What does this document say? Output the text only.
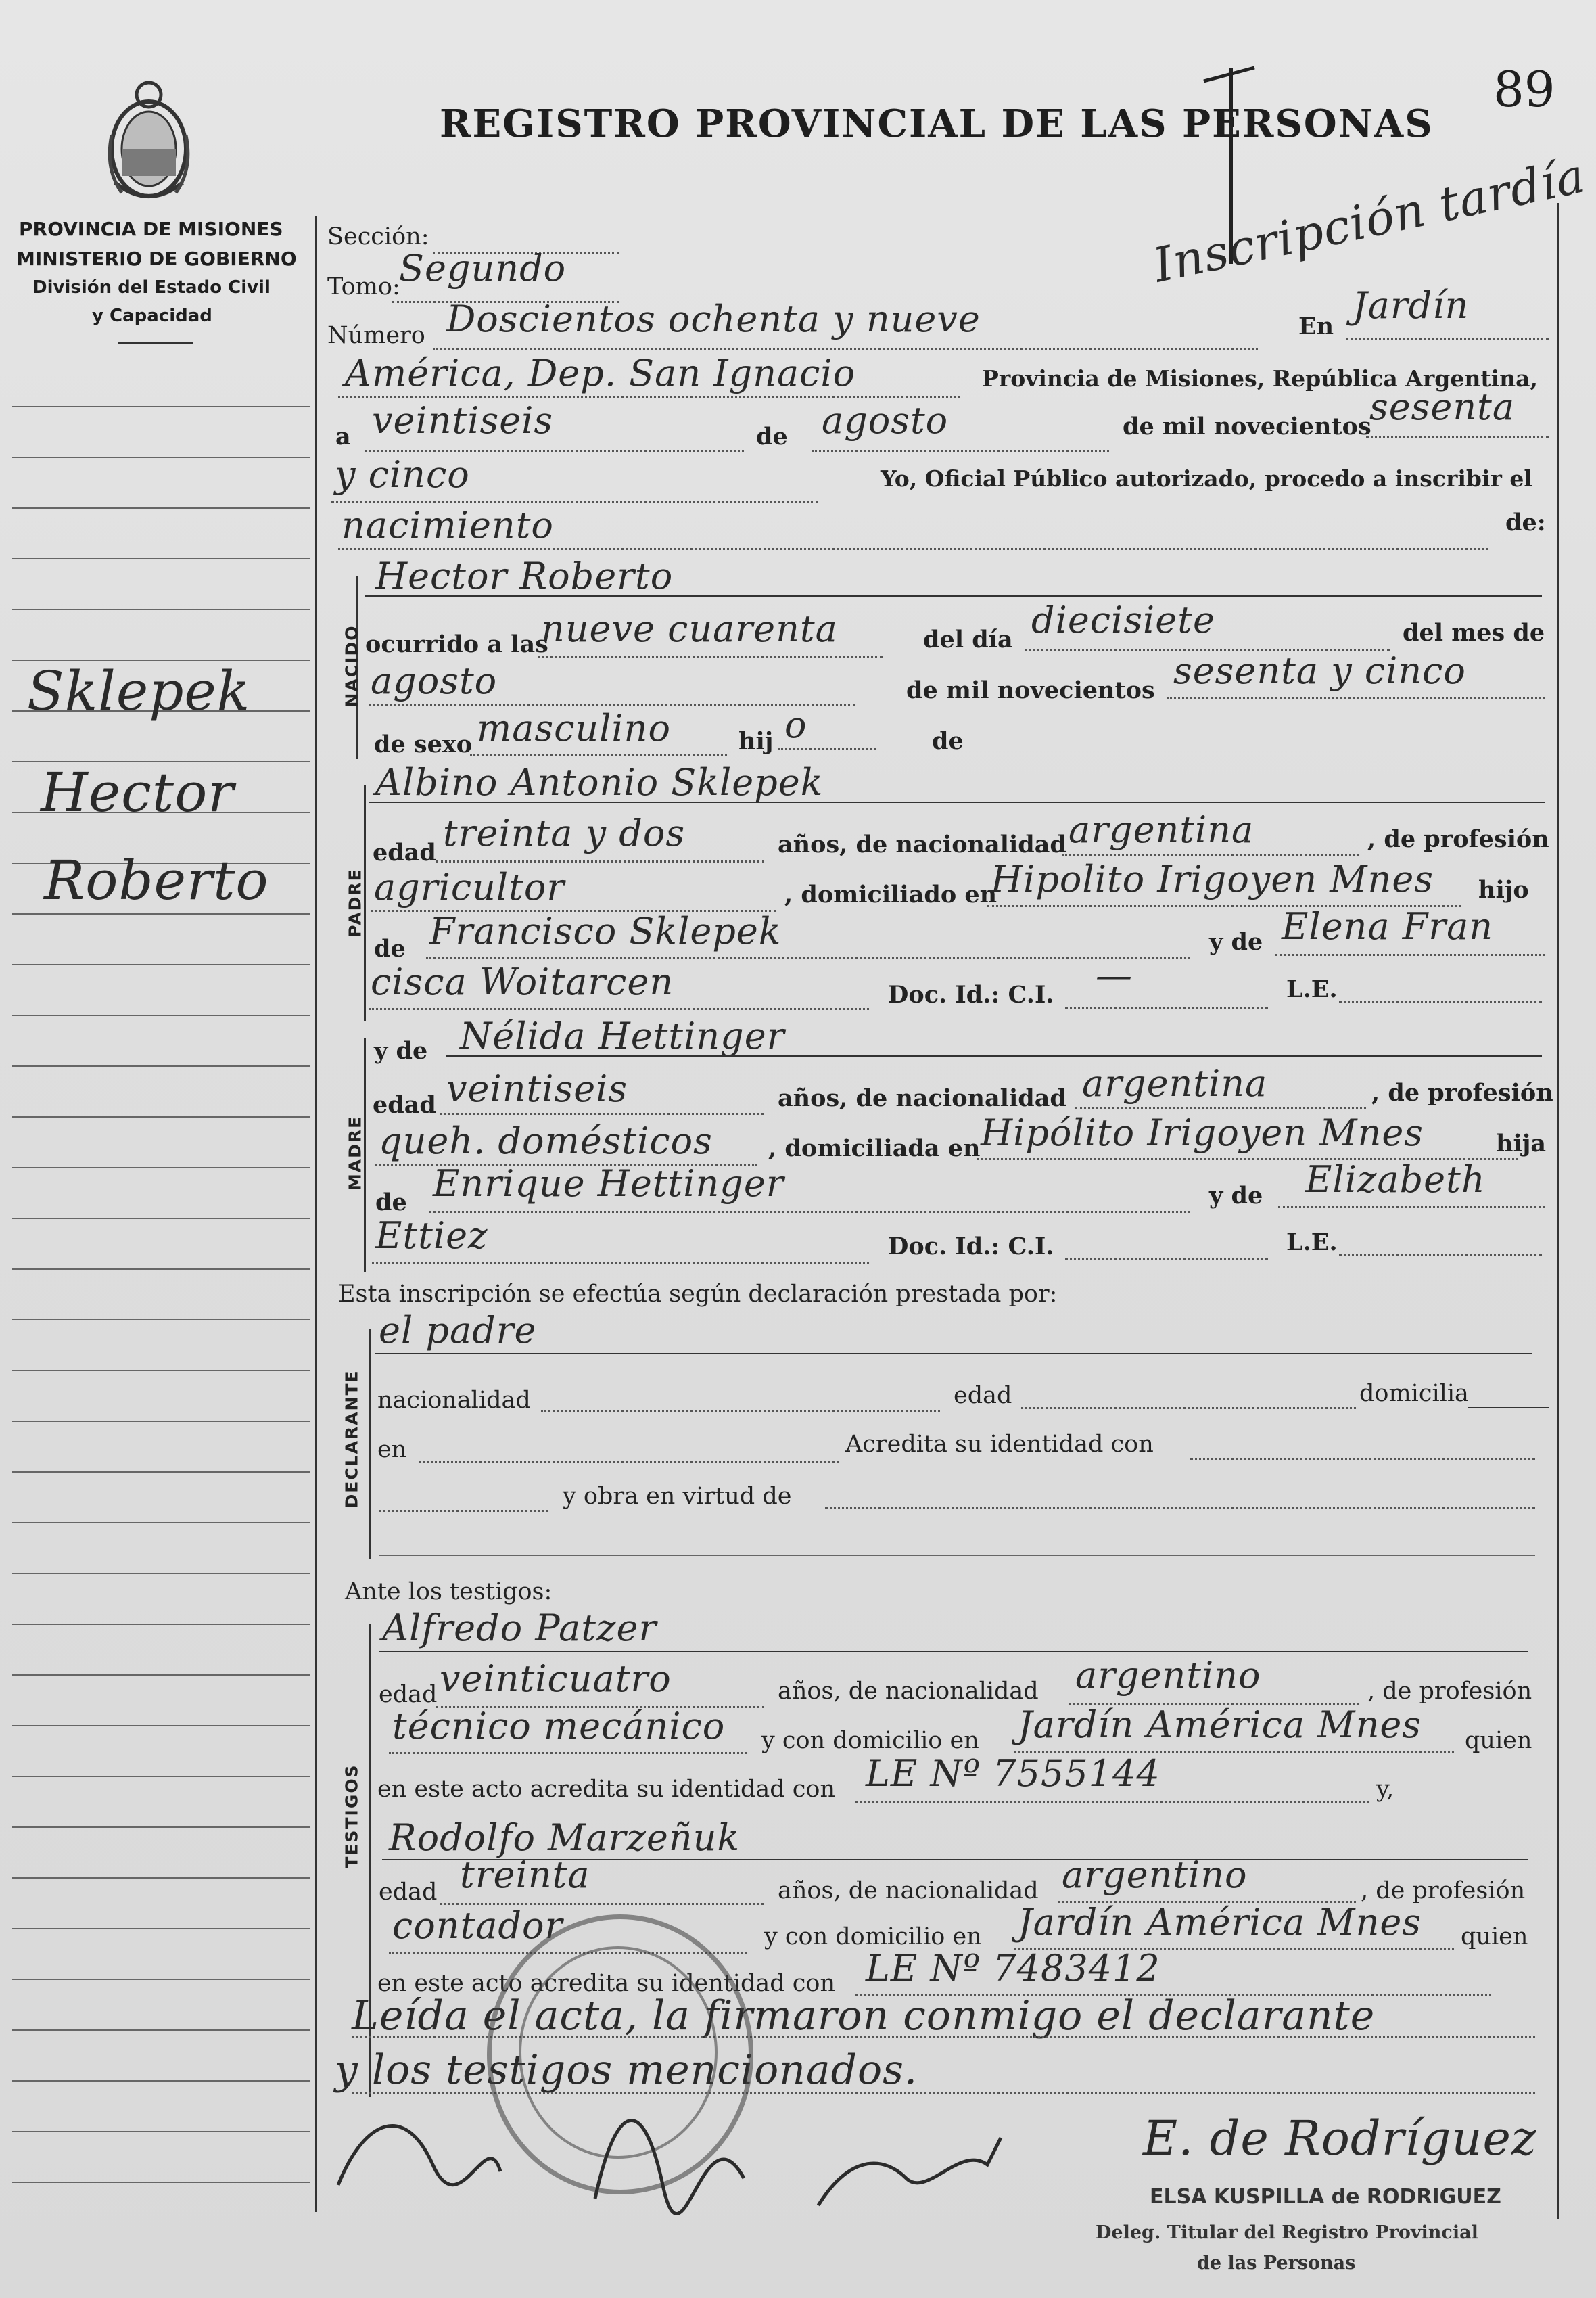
89
REGISTRO PROVINCIAL DE LAS PERSONAS
PROVINCIA DE MISIONES
MINISTERIO DE GOBIERNO
División del Estado Civil
y Capacidad
Sklepek
Hector
Roberto
Inscripción tardía
Sección:
Tomo:
Segundo
Número Doscientos ochenta y nueve	En Jardín
América, Dep. San Ignacio	Provincia de Misiones, República Argentina,
a veintiseis	de agosto	de mil novecientos
sesenta
y cinco	Yo, Oficial Público autorizado, procedo a inscribir el
nacimiento	de:
NACIDO
Hector Roberto
ocurrido a las
nueve cuarenta	del día diecisiete	del mes de
agosto	de mil novecientos sesenta y cinco
de sexo masculino	hij o	de
PADRE
Albino Antonio Sklepek
edad treinta y dos	años, de nacionalidad argentina	, de profesión
agricultor	, domiciliado en
Hipolito Irigoyen Mnes hijo
de Francisco Sklepek	y de Elena Fran
cisca Woitarcen	Doc. Id.: C.I. —	L.E.
MADRE
y de Nélida Hettinger
edad veintiseis	años, de nacionalidad argentina	, de profesión
queh. domésticos , domiciliada en Hipólito Irigoyen Mnes	hija
de Enrique Hettinger	y de Elizabeth
Ettiez	Doc. Id.: C.I.	L.E.
Esta inscripción se efectúa según declaración prestada por:
DECLARANTE
el padre
nacionalidad	edad	domicilia
en	Acredita su identidad con
y obra en virtud de
Ante los testigos:
TESTIGOS
Alfredo Patzer
edad veinticuatro	años, de nacionalidad argentino	, de profesión
técnico mecánico y con domicilio en Jardín América Mnes quien
en este acto acredita su identidad con LE Nº 7555144	y,
Rodolfo Marzeñuk
edad treinta	años, de nacionalidad argentino	, de profesión
contador	y con domicilio en Jardín América Mnes quien
en este acto acredita su identidad con LE Nº 7483412
Leída el acta, la firmaron conmigo el declarante
y los testigos mencionados.
E. de Rodríguez
ELSA KUSPILLA de RODRIGUEZ
Deleg. Titular del Registro Provincial
de las Personas
